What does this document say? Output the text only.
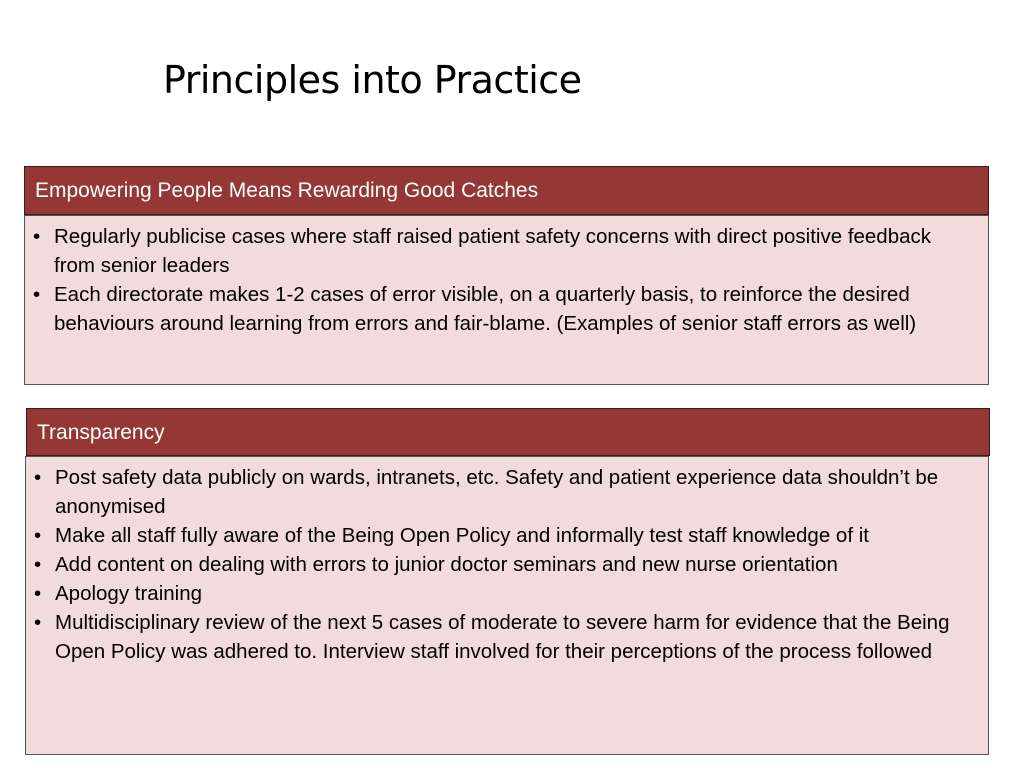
Principles into Practice
Empowering People Means Rewarding Good Catches
• Regularly publicise cases where staff raised patient safety concerns with direct positive feedback from senior leaders
• Each directorate makes 1-2 cases of error visible, on a quarterly basis, to reinforce the desired behaviours around learning from errors and fair-blame. (Examples of senior staff errors as well)
Transparency
• Post safety data publicly on wards, intranets, etc. Safety and patient experience data shouldn’t be anonymised
• Make all staff fully aware of the Being Open Policy and informally test staff knowledge of it
• Add content on dealing with errors to junior doctor seminars and new nurse orientation
• Apology training
• Multidisciplinary review of the next 5 cases of moderate to severe harm for evidence that the Being Open Policy was adhered to. Interview staff involved for their perceptions of the process followed
